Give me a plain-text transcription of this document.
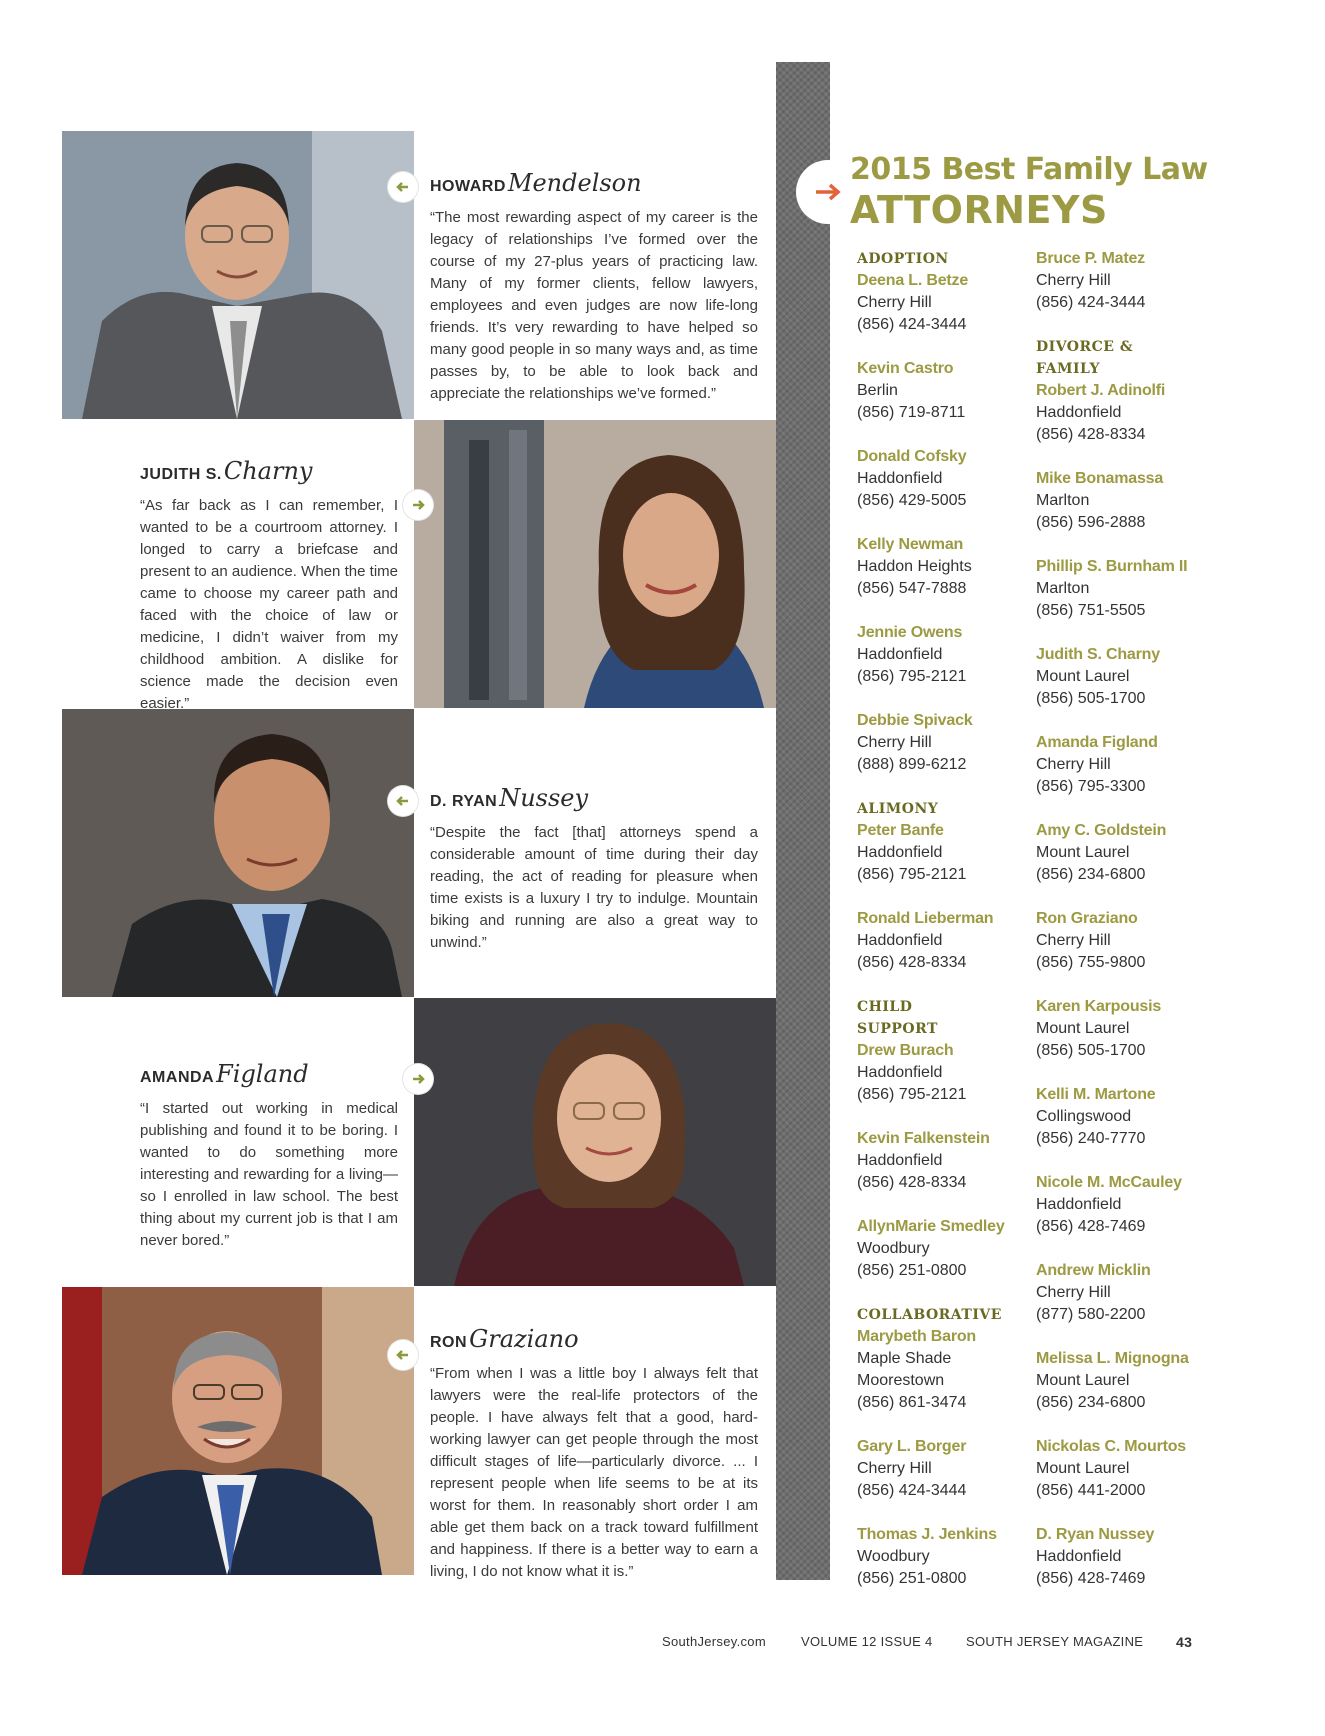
HOWARDMendelson

“The most rewarding aspect of my career is the legacy of relationships I’ve formed over the course of my 27-plus years of practicing law. Many of my former clients, fellow lawyers, employees and even judges are now life-long friends. It’s very rewarding to have helped so many good people in so many ways and, as time passes by, to be able to look back and appreciate the relationships we’ve formed.”

JUDITH S.Charny

“As far back as I can remember, I wanted to be a courtroom attorney. I longed to carry a briefcase and present to an audience. When the time came to choose my career path and faced with the choice of law or medicine, I didn’t waiver from my childhood ambition. A dislike for science made the decision even easier.”

D. RYANNussey

“Despite the fact [that] attorneys spend a considerable amount of time during their day reading, the act of reading for pleasure when time exists is a luxury I try to indulge. Mountain biking and running are also a great way to unwind.”

AMANDAFigland

“I started out working in medical publishing and found it to be boring. I wanted to do something more interesting and rewarding for a living—so I enrolled in law school. The best thing about my current job is that I am never bored.”

RONGraziano

“From when I was a little boy I always felt that lawyers were the real-life protectors of the people. I have always felt that a good, hard-working lawyer can get people through the most difficult stages of life—particularly divorce. ... I represent people when life seems to be at its worst for them. In reasonably short order I am able get them back on a track toward fulfillment and happiness. If there is a better way to earn a living, I do not know what it is.”

2015 Best Family Law
ATTORNEYS
ADOPTION
Deena L. Betze
Cherry Hill
(856) 424-3444
Kevin Castro
Berlin
(856) 719-8711
Donald Cofsky
Haddonfield
(856) 429-5005
Kelly Newman
Haddon Heights
(856) 547-7888
Jennie Owens
Haddonfield
(856) 795-2121
Debbie Spivack
Cherry Hill
(888) 899-6212
ALIMONY
Peter Banfe
Haddonfield
(856) 795-2121
Ronald Lieberman
Haddonfield
(856) 428-8334
CHILD
SUPPORT
Drew Burach
Haddonfield
(856) 795-2121
Kevin Falkenstein
Haddonfield
(856) 428-8334
AllynMarie Smedley
Woodbury
(856) 251-0800
COLLABORATIVE
Marybeth Baron
Maple Shade
Moorestown
(856) 861-3474
Gary L. Borger
Cherry Hill
(856) 424-3444
Thomas J. Jenkins
Woodbury
(856) 251-0800
Bruce P. Matez
Cherry Hill
(856) 424-3444
DIVORCE &
FAMILY
Robert J. Adinolfi
Haddonfield
(856) 428-8334
Mike Bonamassa
Marlton
(856) 596-2888
Phillip S. Burnham II
Marlton
(856) 751-5505
Judith S. Charny
Mount Laurel
(856) 505-1700
Amanda Figland
Cherry Hill
(856) 795-3300
Amy C. Goldstein
Mount Laurel
(856) 234-6800
Ron Graziano
Cherry Hill
(856) 755-9800
Karen Karpousis
Mount Laurel
(856) 505-1700
Kelli M. Martone
Collingswood
(856) 240-7770
Nicole M. McCauley
Haddonfield
(856) 428-7469
Andrew Micklin
Cherry Hill
(877) 580-2200
Melissa L. Mignogna
Mount Laurel
(856) 234-6800
Nickolas C. Mourtos
Mount Laurel
(856) 441-2000
D. Ryan Nussey
Haddonfield
(856) 428-7469
SouthJersey.com	VOLUME 12 ISSUE 4	SOUTH JERSEY MAGAZINE 43
